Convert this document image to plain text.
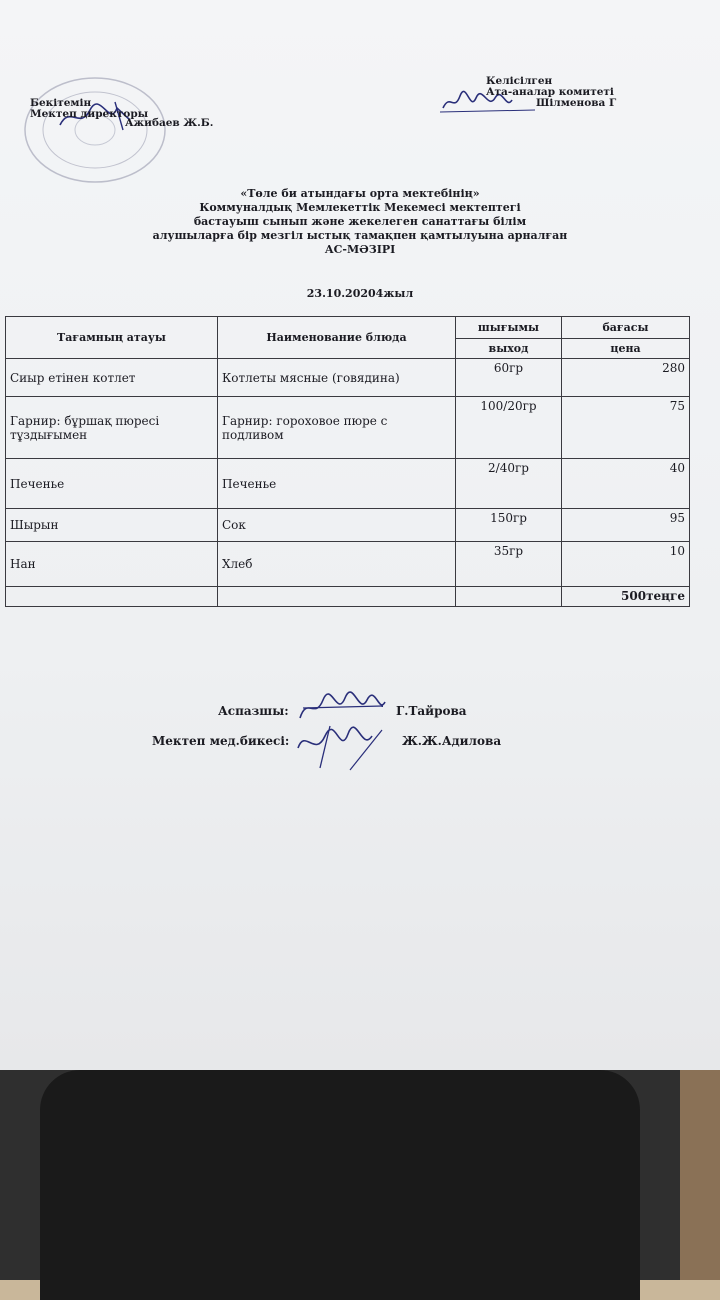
Бекітемін
Мектеп директоры
Ажибаев Ж.Б.
Келісілген
Ата-аналар комитеті
Шілменова Г
«Төле би атындағы орта мектебінің»
Коммуналдық Мемлекеттік Мекемесі мектептегі
бастауыш сынып және жекелеген санаттағы білім
алушыларға бір мезгіл ыстық тамақпен қамтылуына арналған
АС-МӘЗІРІ
23.10.20204жыл
Тағамның атауы	Наименование блюда	шығымы	бағасы
		выход	цена
Сиыр етінен котлет	Котлеты мясные (говядина)	60гр	280
Гарнир: бұршақ пюресі тұздығымен	Гарнир: гороховое пюре с подливом	100/20гр	75
Печенье	Печенье	2/40гр	40
Шырын	Сок	150гр	95
Нан	Хлеб	35гр	10
			500теңге
Аспазшы:	Г.Тайрова
Мектеп мед.бикесі:	Ж.Ж.Адилова
